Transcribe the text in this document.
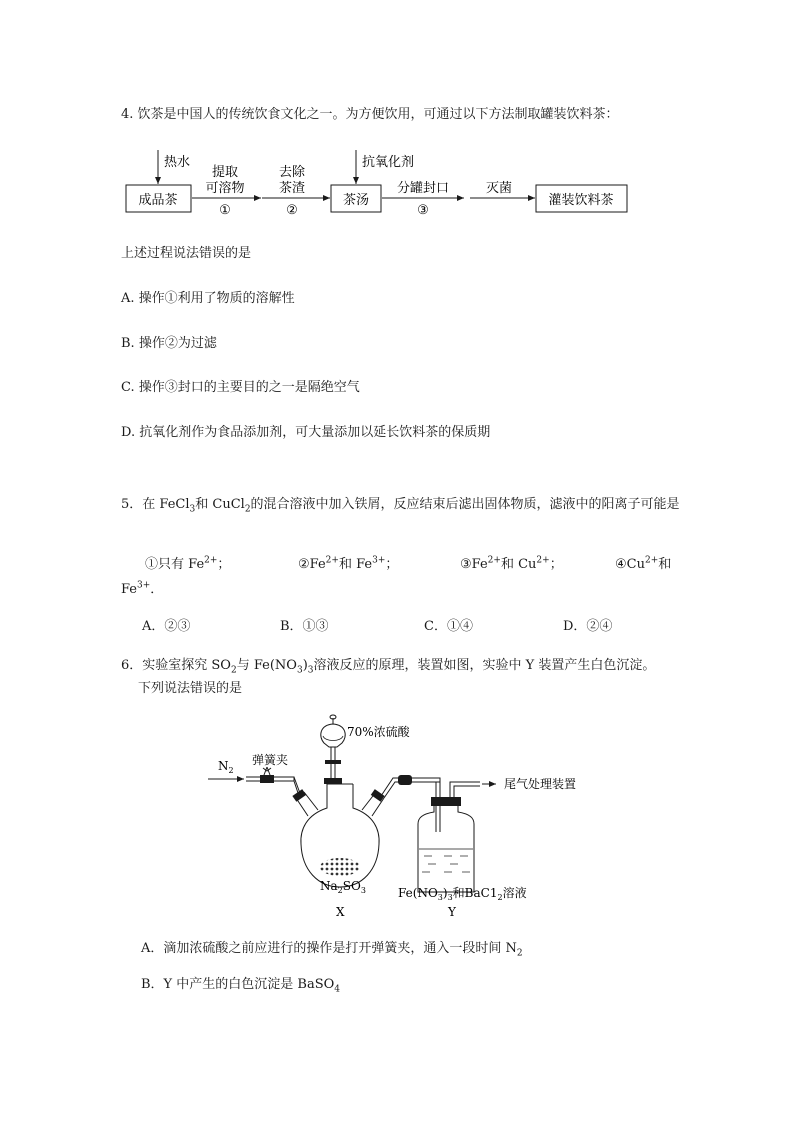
4. 饮茶是中国人的传统饮食文化之一。为方便饮用，可通过以下方法制取罐装饮料茶：
成品茶	茶汤	灌装饮料茶
热水	抗氧化剂
提取
可溶物
①
去除
茶渣
②
分罐封口
③
灭菌
上述过程说法错误的是
A. 操作①利用了物质的溶解性
B. 操作②为过滤
C. 操作③封口的主要目的之一是隔绝空气
D. 抗氧化剂作为食品添加剂，可大量添加以延长饮料茶的保质期
5．在 FeCl$_3$和 CuCl$_2$的混合溶液中加入铁屑，反应结束后滤出固体物质，滤液中的阳离子可能是
①只有 $Fe^{2+}$；	$②Fe^{2+}$和 $Fe^{3+}$；	$③Fe^{2+}$和 $Cu^{2+}$；	$④Cu^{2+}$和
$Fe^{3+}$．
A．②③	B．①③	C．①④	D．②④
6．实验室探究 $SO_2$与 $Fe(NO_3)_3$溶液反应的原理，装置如图，实验中 Y 装置产生白色沉淀。
下列说法错误的是
70%浓硫酸
$N_2$
弹簧夹
尾气处理装置
$Na_2SO_3$	$Fe(NO_3)_3$和$BaC1_2$溶液
X	Y
A．滴加浓硫酸之前应进行的操作是打开弹簧夹，通入一段时间 $N_2$
B．Y 中产生的白色沉淀是 BaSO$_4$
